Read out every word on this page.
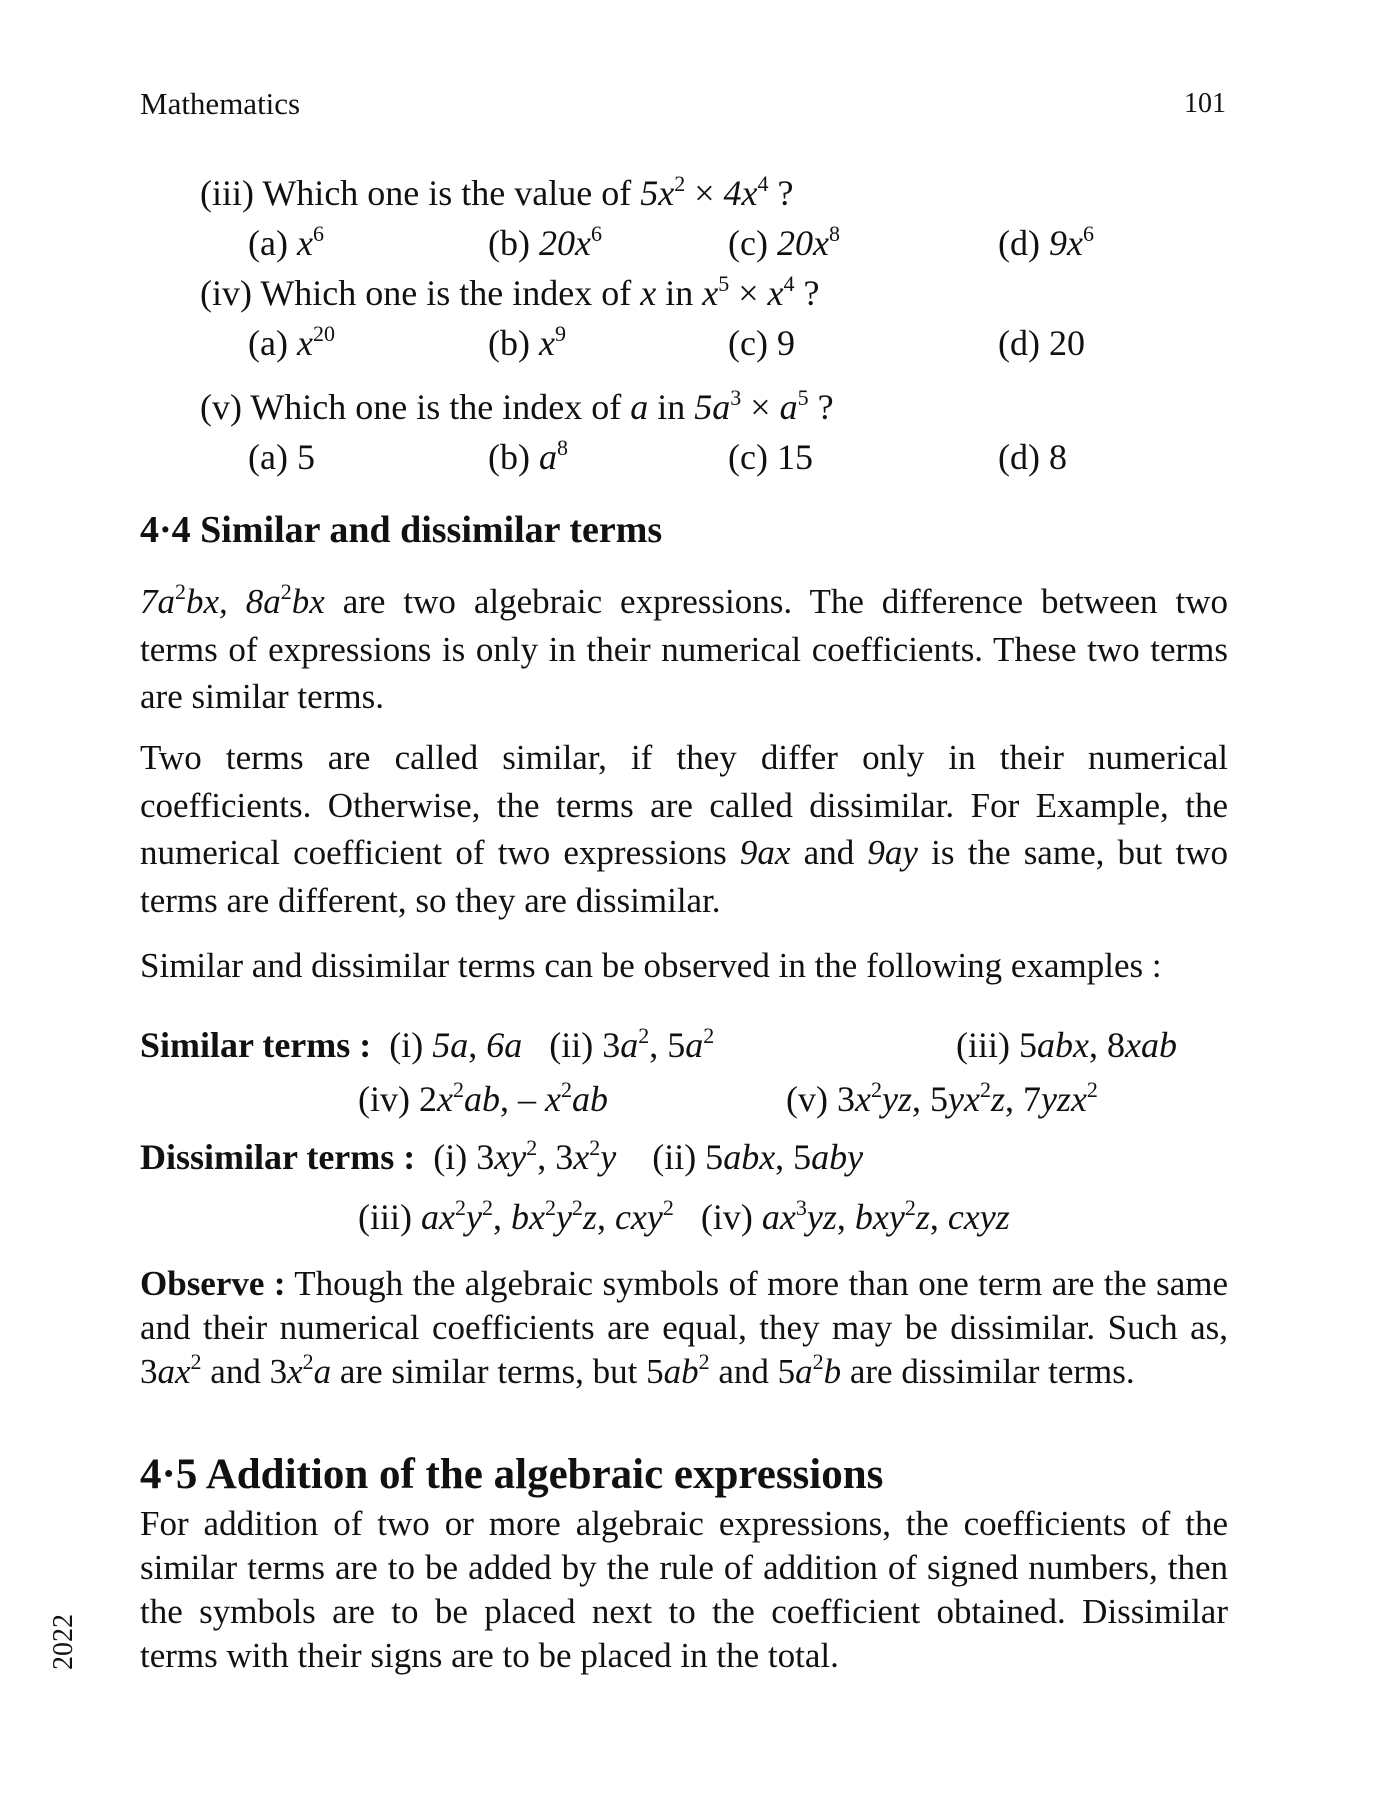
Mathematics	101
(iii) Which one is the value of $5x^2 \times 4x^4$ ?
(a) $x^6$	(b) $20x^6$	(c) $20x^8$	(d) $9x^6$
(iv) Which one is the index of x in $x^5 \times x^4$ ?
(a) $x^{20}$	(b) $x^9$	(c) 9	(d) 20
(v) Which one is the index of a in $5a^3 \times a^5$ ?
(a) 5	(b) $a^8$	(c) 15	(d) 8
4·4 Similar and dissimilar terms
$7a^2bx$, $8a^2bx$ are two algebraic expressions. The difference between two terms of expressions is only in their numerical coefficients. These two terms are similar terms.
Two terms are called similar, if they differ only in their numerical coefficients. Otherwise, the terms are called dissimilar. For Example, the numerical coefficient of two expressions 9ax and 9ay is the same, but two terms are different, so they are dissimilar.
Similar and dissimilar terms can be observed in the following examples :
Similar terms :  (i) 5a, 6a   (ii) $3a^2$, $5a^2$	(iii) 5abx, 8xab
(iv) $2x^2ab$, – $x^2ab$	(v) $3x^2yz$, $5yx^2z$, 7yzx$^2$
Dissimilar terms :  (i) $3xy^2$, $3x^2y$    (ii) 5abx, 5aby
(iii) $ax^2y^2$, $bx^2y^2z$, cxy$^2$   (iv) $ax^3yz$, bxy$^2$z, cxyz
Observe : Though the algebraic symbols of more than one term are the same and their numerical coefficients are equal, they may be dissimilar. Such as, $3ax^2$ and $3x^2a$ are similar terms, but $5ab^2$ and $5a^2b$ are dissimilar terms.
4·5 Addition of the algebraic expressions
For addition of two or more algebraic expressions, the coefficients of the similar terms are to be added by the rule of addition of signed numbers, then the symbols are to be placed next to the coefficient obtained. Dissimilar terms with their signs are to be placed in the total.
2022
